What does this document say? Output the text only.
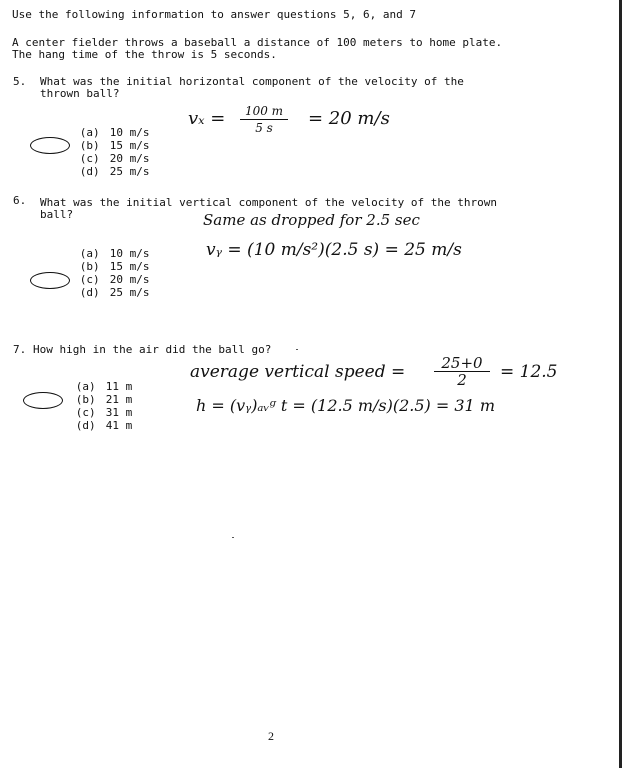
Use the following information to answer questions 5, 6, and 7
A center fielder throws a baseball a distance of 100 meters to home plate.
The hang time of the throw is 5 seconds.
5. What was the initial horizontal component of the velocity of the
thrown ball?

(a) 10 m/s

(b) 15 m/s

(c) 20 m/s

(d) 25 m/s

vₓ =	100 m
5 s	= 20 m/s
6. What was the initial vertical component of the velocity of the thrown
ball?

(a) 10 m/s

(b) 15 m/s

(c) 20 m/s

(d) 25 m/s

Same as dropped for 2.5 sec
vᵧ = (10 m/s²)(2.5 s) = 25 m/s
7. How high in the air did the ball go?

(a) 11 m

(b) 21 m

(c) 31 m

(d) 41 m

average vertical speed =	25+0
2	= 12.5
h = (vᵧ)ₐᵥᵍ t = (12.5 m/s)(2.5) = 31 m
2
